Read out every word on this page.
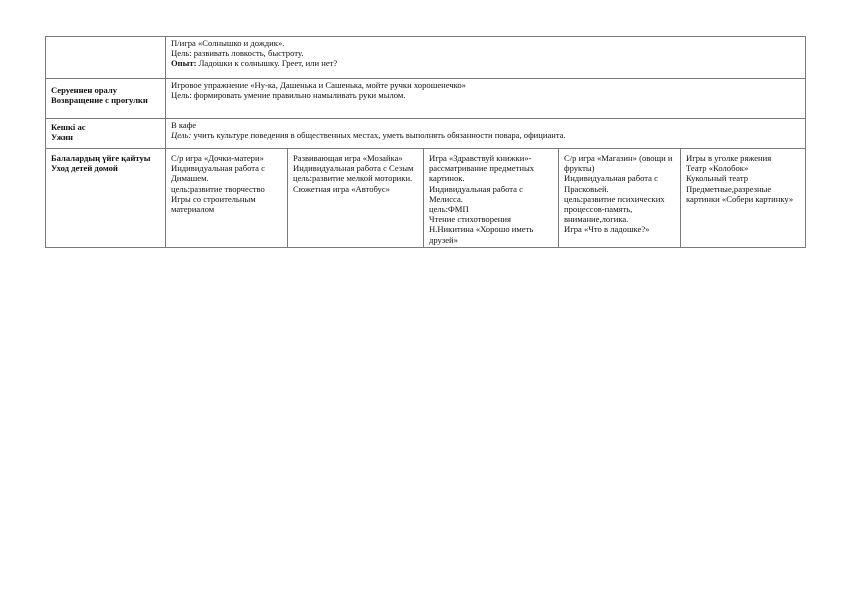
	П/игра «Солнышко и дождик».
Цель: развивать ловкость, быстроту.
Опыт: Ладошки к солнышку. Греет, или нет?				

Серуеннен оралу
Возвращение с прогулки	Игровое упражнение «Ну-ка, Дашенька и Сашенька, мойте ручки хорошенечко»
Цель: формировать умение правильно намыливать руки мылом.				

Кешкі ас
Ужин	В кафе
Цель: учить культуре поведения в общественных местах, уметь выполнять обязанности повара, официанта.				

Балалардың үйге қайтуы
Уход детей домой	С/р игра «Дочки-матери»
Индивидуальная работа с Димашем.
цель:развитие творчество
Игры со строительным материалом	Развивающая игра «Мозайка»
Индивидуальная работа с Сезым
цель:развитие мелкой моторики.
Сюжетная игра «Автобус»	Игра «Здравствуй книжки»-рассматривание предметных картинок.
Индивидуальная работа с Мелисса.
цель:ФМП
Чтение стихотворения Н.Никитина «Хорошо иметь друзей»	С/р игра «Магазин» (овощи и фрукты)
Индивидуальная работа с Прасковьей.
цель:развитие психических процессов-память, внимание,логика.
Игра «Что в ладошке?»	Игры в уголке ряжения
Театр «Колобок»
Кукольный театр
Предметные,разрезные картинки «Собери картинку»
